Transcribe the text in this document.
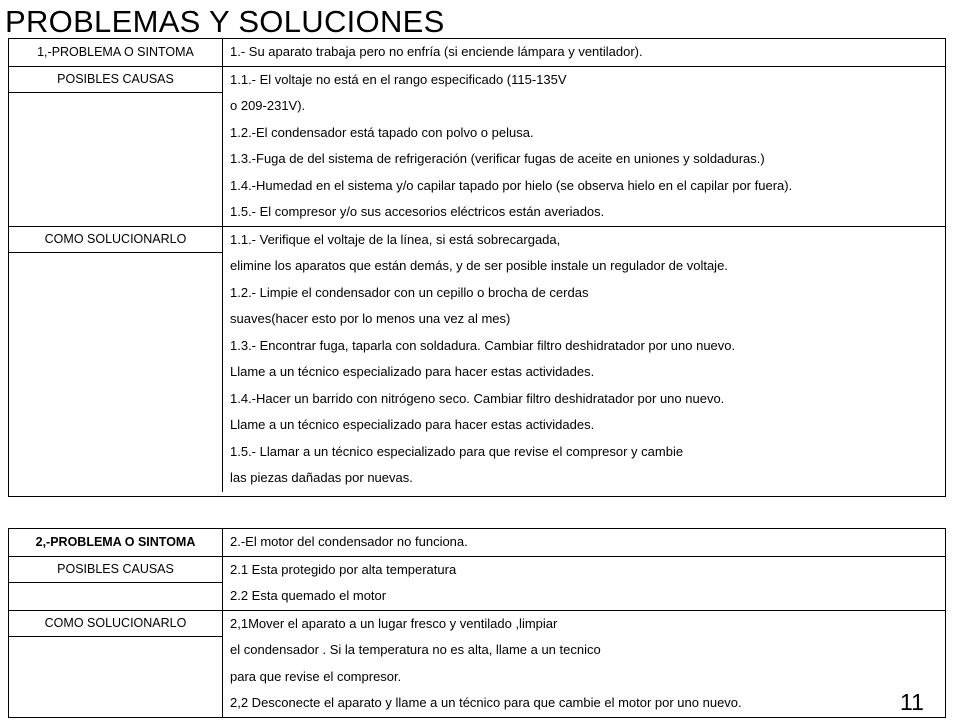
PROBLEMAS Y SOLUCIONES
1,-PROBLEMA O SINTOMA	1.- Su aparato trabaja pero no enfría (si enciende lámpara y ventilador).
POSIBLES CAUSAS	1.1.- El voltaje no está en el rango especificado (115-135V
o 209-231V).
1.2.-El condensador está tapado con polvo o pelusa.
1.3.-Fuga de del sistema de refrigeración (verificar fugas de aceite en uniones y soldaduras.)
1.4.-Humedad en el sistema y/o capilar tapado por hielo (se observa hielo en el capilar por fuera).
1.5.- El compresor y/o sus accesorios eléctricos están averiados.
COMO SOLUCIONARLO	1.1.- Verifique el voltaje de la línea, si está sobrecargada,
elimine los aparatos que están demás, y de ser posible instale un regulador de voltaje.
1.2.- Limpie el condensador con un cepillo o brocha de cerdas
suaves(hacer esto por lo menos una vez al mes)
1.3.- Encontrar fuga, taparla con soldadura. Cambiar filtro deshidratador por uno nuevo.
Llame a un técnico especializado para hacer estas actividades.
1.4.-Hacer un barrido con nitrógeno seco. Cambiar filtro deshidratador por uno nuevo.
Llame a un técnico especializado para hacer estas actividades.
1.5.- Llamar a un técnico especializado para que revise el compresor y cambie
las piezas dañadas por nuevas.
2,-PROBLEMA O SINTOMA	2.-El motor del condensador no funciona.
POSIBLES CAUSAS	2.1 Esta protegido por alta temperatura
2.2 Esta quemado el motor
COMO SOLUCIONARLO	2,1Mover el aparato a un lugar fresco y ventilado ,limpiar
el condensador . Si la temperatura no es alta, llame a un tecnico
para que revise el compresor.
2,2 Desconecte el aparato y llame a un técnico para que cambie el motor por uno nuevo.	11
